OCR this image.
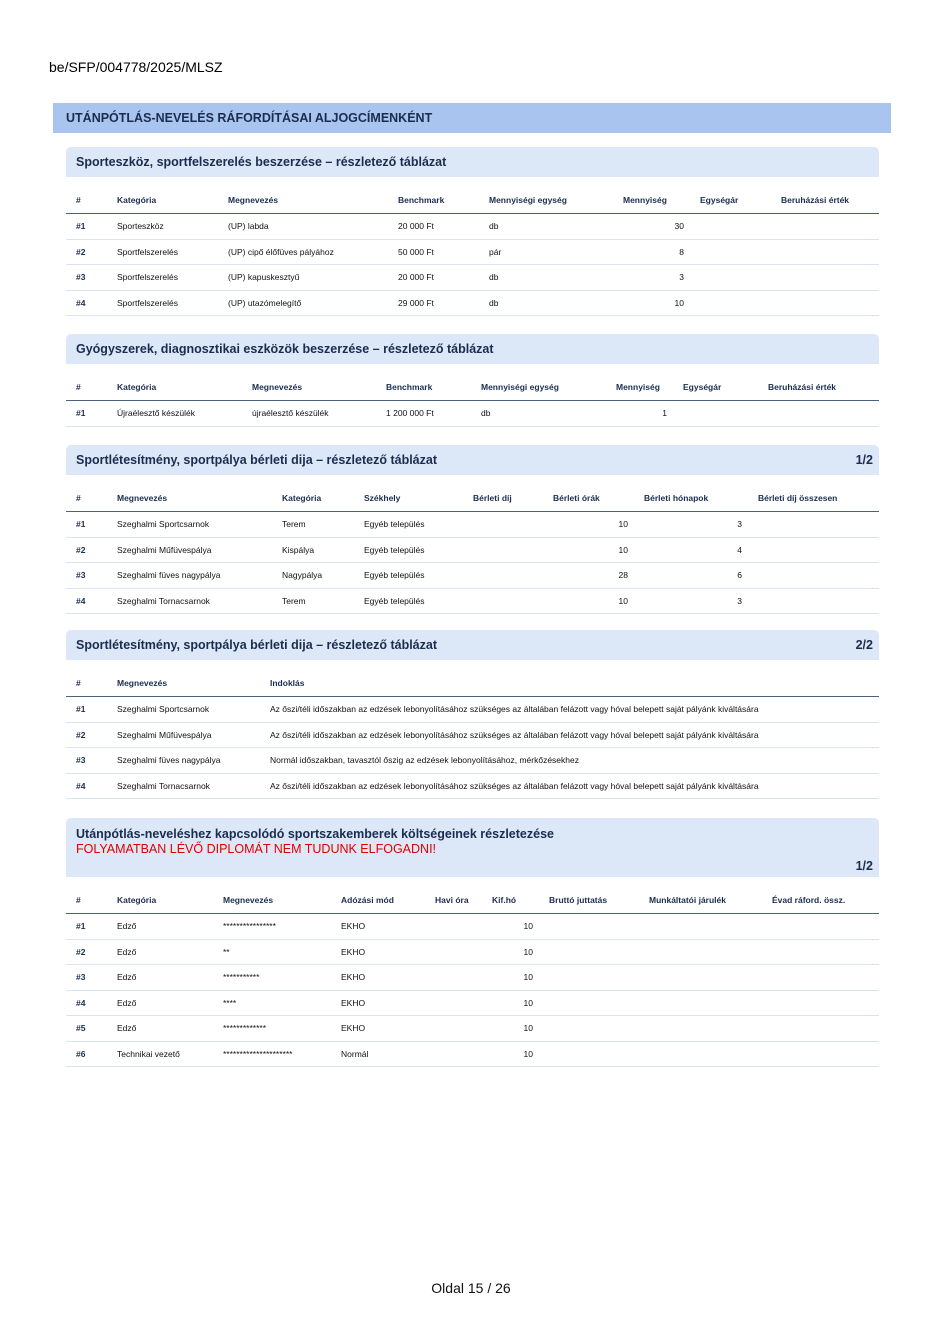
be/SFP/004778/2025/MLSZ
UTÁNPÓTLÁS-NEVELÉS RÁFORDÍTÁSAI ALJOGCÍMENKÉNT
Sporteszköz, sportfelszerelés beszerzése – részletező táblázat
#	Kategória	Megnevezés	Benchmark	Mennyiségi egység	Mennyiség	Egységár	Beruházási érték
#1	Sporteszköz	(UP) labda	20 000 Ft	db	30		
#2	Sportfelszerelés	(UP) cipő élőfüves pályához	50 000 Ft	pár	8		
#3	Sportfelszerelés	(UP) kapuskesztyű	20 000 Ft	db	3		
#4	Sportfelszerelés	(UP) utazómelegítő	29 000 Ft	db	10		
Gyógyszerek, diagnosztikai eszközök beszerzése – részletező táblázat
#	Kategória	Megnevezés	Benchmark	Mennyiségi egység	Mennyiség	Egységár	Beruházási érték
#1	Újraélesztő készülék	újraélesztő készülék	1 200 000 Ft	db	1		
Sportlétesítmény, sportpálya bérleti dija – részletező táblázat	1/2
#	Megnevezés	Kategória	Székhely	Bérleti díj	Bérleti órák	Bérleti hónapok	Bérleti díj összesen
#1	Szeghalmi Sportcsarnok	Terem	Egyéb település		10	3	
#2	Szeghalmi Műfüvespálya	Kispálya	Egyéb település		10	4	
#3	Szeghalmi füves nagypálya	Nagypálya	Egyéb település		28	6	
#4	Szeghalmi Tornacsarnok	Terem	Egyéb település		10	3	
Sportlétesítmény, sportpálya bérleti dija – részletező táblázat	2/2
#	Megnevezés	Indoklás
#1	Szeghalmi Sportcsarnok	Az őszi/téli időszakban az edzések lebonyolításához szükséges az általában felázott vagy hóval belepett saját pályánk kiváltására
#2	Szeghalmi Műfüvespálya	Az őszi/téli időszakban az edzések lebonyolításához szükséges az általában felázott vagy hóval belepett saját pályánk kiváltására
#3	Szeghalmi füves nagypálya	Normál időszakban, tavasztól őszig az edzések lebonyolításához, mérkőzésekhez
#4	Szeghalmi Tornacsarnok	Az őszi/téli időszakban az edzések lebonyolításához szükséges az általában felázott vagy hóval belepett saját pályánk kiváltására
Utánpótlás-neveléshez kapcsolódó sportszakemberek költségeinek részletezése
FOLYAMATBAN LÉVŐ DIPLOMÁT NEM TUDUNK ELFOGADNI!
1/2
#	Kategória	Megnevezés	Adózási mód	Havi óra	Kif.hó	Bruttó juttatás	Munkáltatói járulék	Évad ráford. össz.
#1	Edző	****************	EKHO		10			
#2	Edző	**	EKHO		10			
#3	Edző	***********	EKHO		10			
#4	Edző	****	EKHO		10			
#5	Edző	*************	EKHO		10			
#6	Technikai vezető	*********************	Normál		10			
Oldal 15 / 26
